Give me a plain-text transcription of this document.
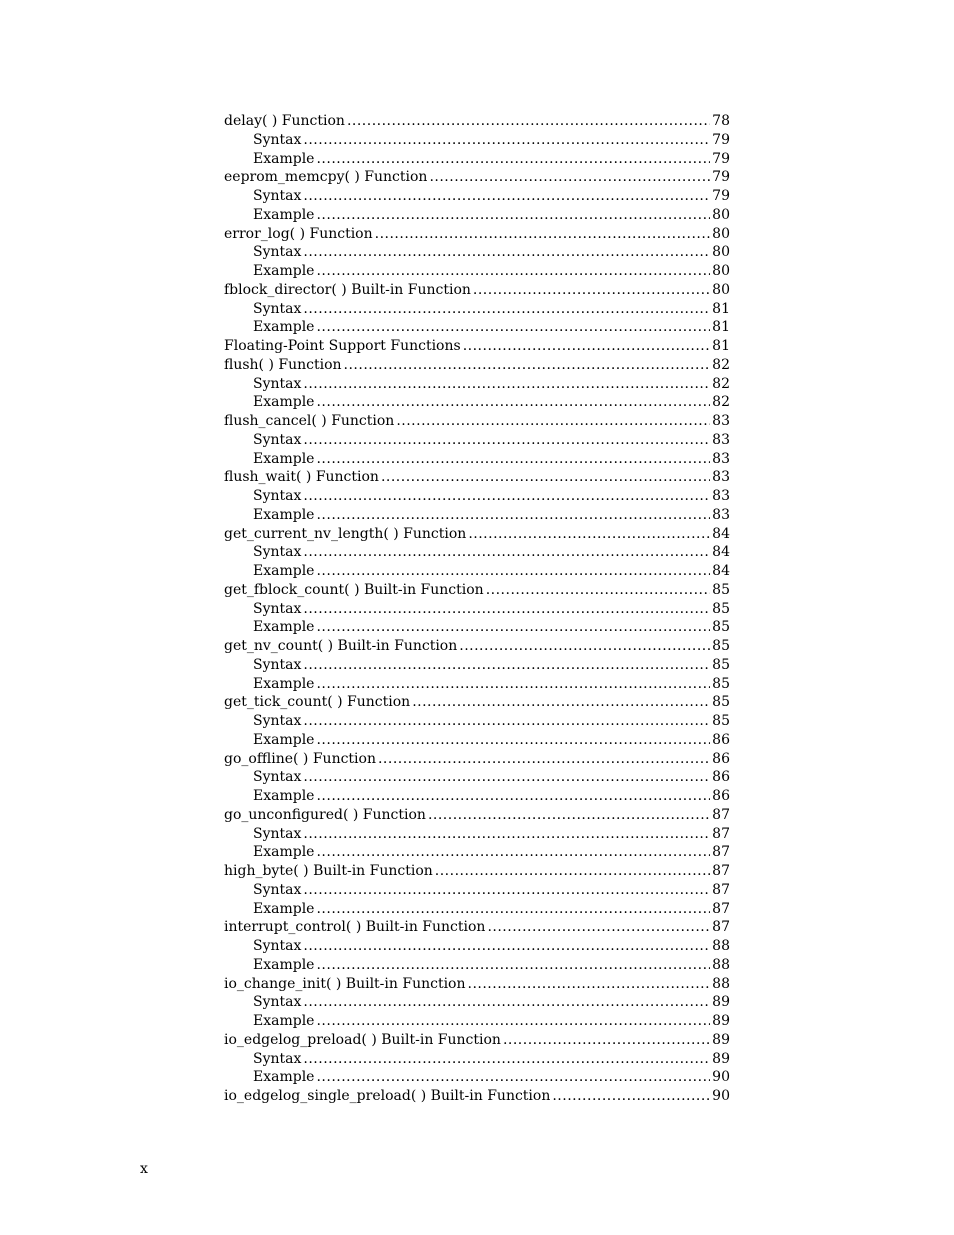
delay( ) Function .....	78
Syntax .....	79
Example .....	79
eeprom_memcpy( ) Function .....	79
Syntax .....	79
Example .....	80
error_log( ) Function .....	80
Syntax .....	80
Example .....	80
fblock_director( ) Built-in Function .....	80
Syntax .....	81
Example .....	81
Floating-Point Support Functions .....	81
flush( ) Function .....	82
Syntax .....	82
Example .....	82
flush_cancel( ) Function .....	83
Syntax .....	83
Example .....	83
flush_wait( ) Function .....	83
Syntax .....	83
Example .....	83
get_current_nv_length( ) Function .....	84
Syntax .....	84
Example .....	84
get_fblock_count( ) Built-in Function .....	85
Syntax .....	85
Example .....	85
get_nv_count( ) Built-in Function .....	85
Syntax .....	85
Example .....	85
get_tick_count( ) Function .....	85
Syntax .....	85
Example .....	86
go_offline( ) Function .....	86
Syntax .....	86
Example .....	86
go_unconfigured( ) Function .....	87
Syntax .....	87
Example .....	87
high_byte( ) Built-in Function .....	87
Syntax .....	87
Example .....	87
interrupt_control( ) Built-in Function .....	87
Syntax .....	88
Example .....	88
io_change_init( ) Built-in Function .....	88
Syntax .....	89
Example .....	89
io_edgelog_preload( ) Built-in Function .....	89
Syntax .....	89
Example .....	90
io_edgelog_single_preload( ) Built-in Function .....	90
x
